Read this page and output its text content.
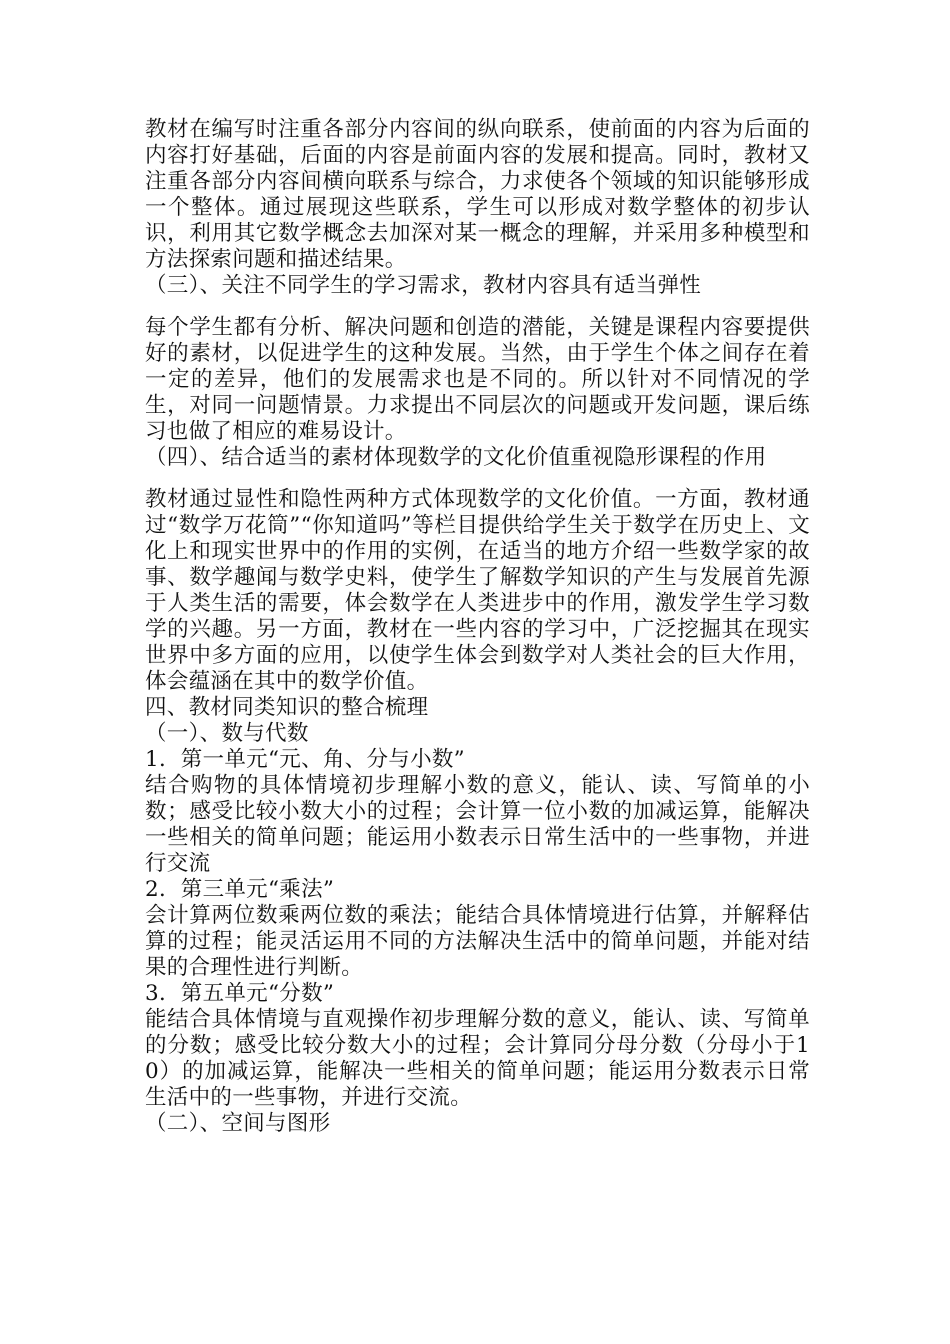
教材在编写时注重各部分内容间的纵向联系，使前面的内容为后面的内容打好基础，后面的内容是前面内容的发展和提高。同时，教材又注重各部分内容间横向联系与综合，力求使各个领域的知识能够形成一个整体。通过展现这些联系，学生可以形成对数学整体的初步认识，利用其它数学概念去加深对某一概念的理解，并采用多种模型和方法探索问题和描述结果。

（三）、关注不同学生的学习需求，教材内容具有适当弹性

每个学生都有分析、解决问题和创造的潜能，关键是课程内容要提供好的素材，以促进学生的这种发展。当然，由于学生个体之间存在着一定的差异，他们的发展需求也是不同的。所以针对不同情况的学生，对同一问题情景。力求提出不同层次的问题或开发问题，课后练习也做了相应的难易设计。

（四）、结合适当的素材体现数学的文化价值重视隐形课程的作用

教材通过显性和隐性两种方式体现数学的文化价值。一方面，教材通过“数学万花筒”“你知道吗”等栏目提供给学生关于数学在历史上、文化上和现实世界中的作用的实例，在适当的地方介绍一些数学家的故事、数学趣闻与数学史料，使学生了解数学知识的产生与发展首先源于人类生活的需要，体会数学在人类进步中的作用，激发学生学习数学的兴趣。另一方面，教材在一些内容的学习中，广泛挖掘其在现实世界中多方面的应用，以使学生体会到数学对人类社会的巨大作用，体会蕴涵在其中的数学价值。

四、教材同类知识的整合梳理

（一）、数与代数

1．第一单元“元、角、分与小数”

结合购物的具体情境初步理解小数的意义，能认、读、写简单的小数；感受比较小数大小的过程；会计算一位小数的加减运算，能解决一些相关的简单问题；能运用小数表示日常生活中的一些事物，并进行交流

2．第三单元“乘法”

会计算两位数乘两位数的乘法；能结合具体情境进行估算，并解释估算的过程；能灵活运用不同的方法解决生活中的简单问题，并能对结果的合理性进行判断。

3．第五单元“分数”

能结合具体情境与直观操作初步理解分数的意义，能认、读、写简单的分数；感受比较分数大小的过程；会计算同分母分数（分母小于10）的加减运算，能解决一些相关的简单问题；能运用分数表示日常生活中的一些事物，并进行交流。

（二）、空间与图形
